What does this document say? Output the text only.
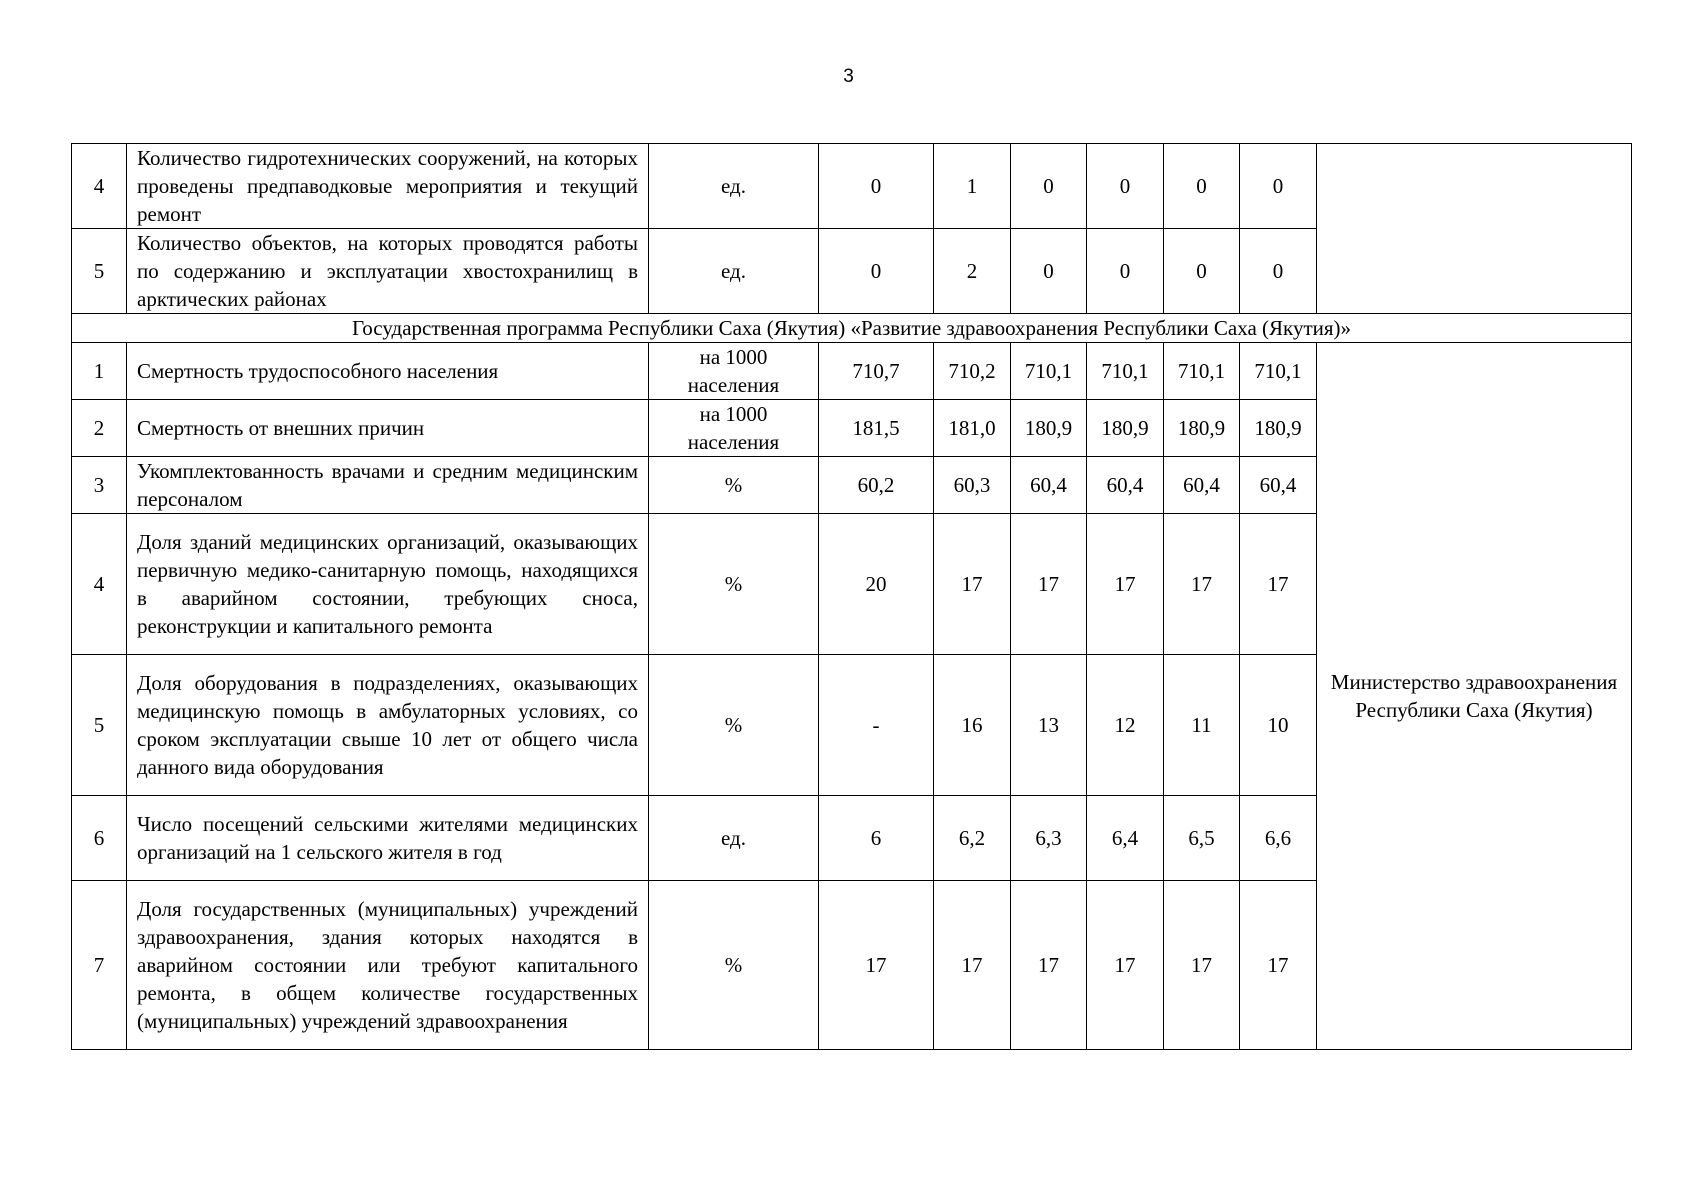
3
4	Количество гидротехнических сооружений, на которых проведены предпаводковые мероприятия и текущий ремонт	ед.	0	1	0	0	0	0	
5	Количество объектов, на которых проводятся работы по содержанию и эксплуатации хвостохранилищ в арктических районах	ед.	0	2	0	0	0	0	
Государственная программа Республики Саха (Якутия) «Развитие здравоохранения Республики Саха (Якутия)»									
1	Смертность трудоспособного населения	на 1000 населения	710,7	710,2	710,1	710,1	710,1	710,1	Министерство здравоохранения Республики Саха (Якутия)
2	Смертность от внешних причин	на 1000 населения	181,5	181,0	180,9	180,9	180,9	180,9	
3	Укомплектованность врачами и средним медицинским персоналом	%	60,2	60,3	60,4	60,4	60,4	60,4	
4	Доля зданий медицинских организаций, оказывающих первичную медико-санитарную помощь, находящихся в аварийном состоянии, требующих сноса, реконструкции и капитального ремонта	%	20	17	17	17	17	17	
5	Доля оборудования в подразделениях, оказывающих медицинскую помощь в амбулаторных условиях, со сроком эксплуатации свыше 10 лет от общего числа данного вида оборудования	%	-	16	13	12	11	10	
6	Число посещений сельскими жителями медицинских организаций на 1 сельского жителя в год	ед.	6	6,2	6,3	6,4	6,5	6,6	
7	Доля государственных (муниципальных) учреждений здравоохранения, здания которых находятся в аварийном состоянии или требуют капитального ремонта, в общем количестве государственных (муниципальных) учреждений здравоохранения	%	17	17	17	17	17	17	
